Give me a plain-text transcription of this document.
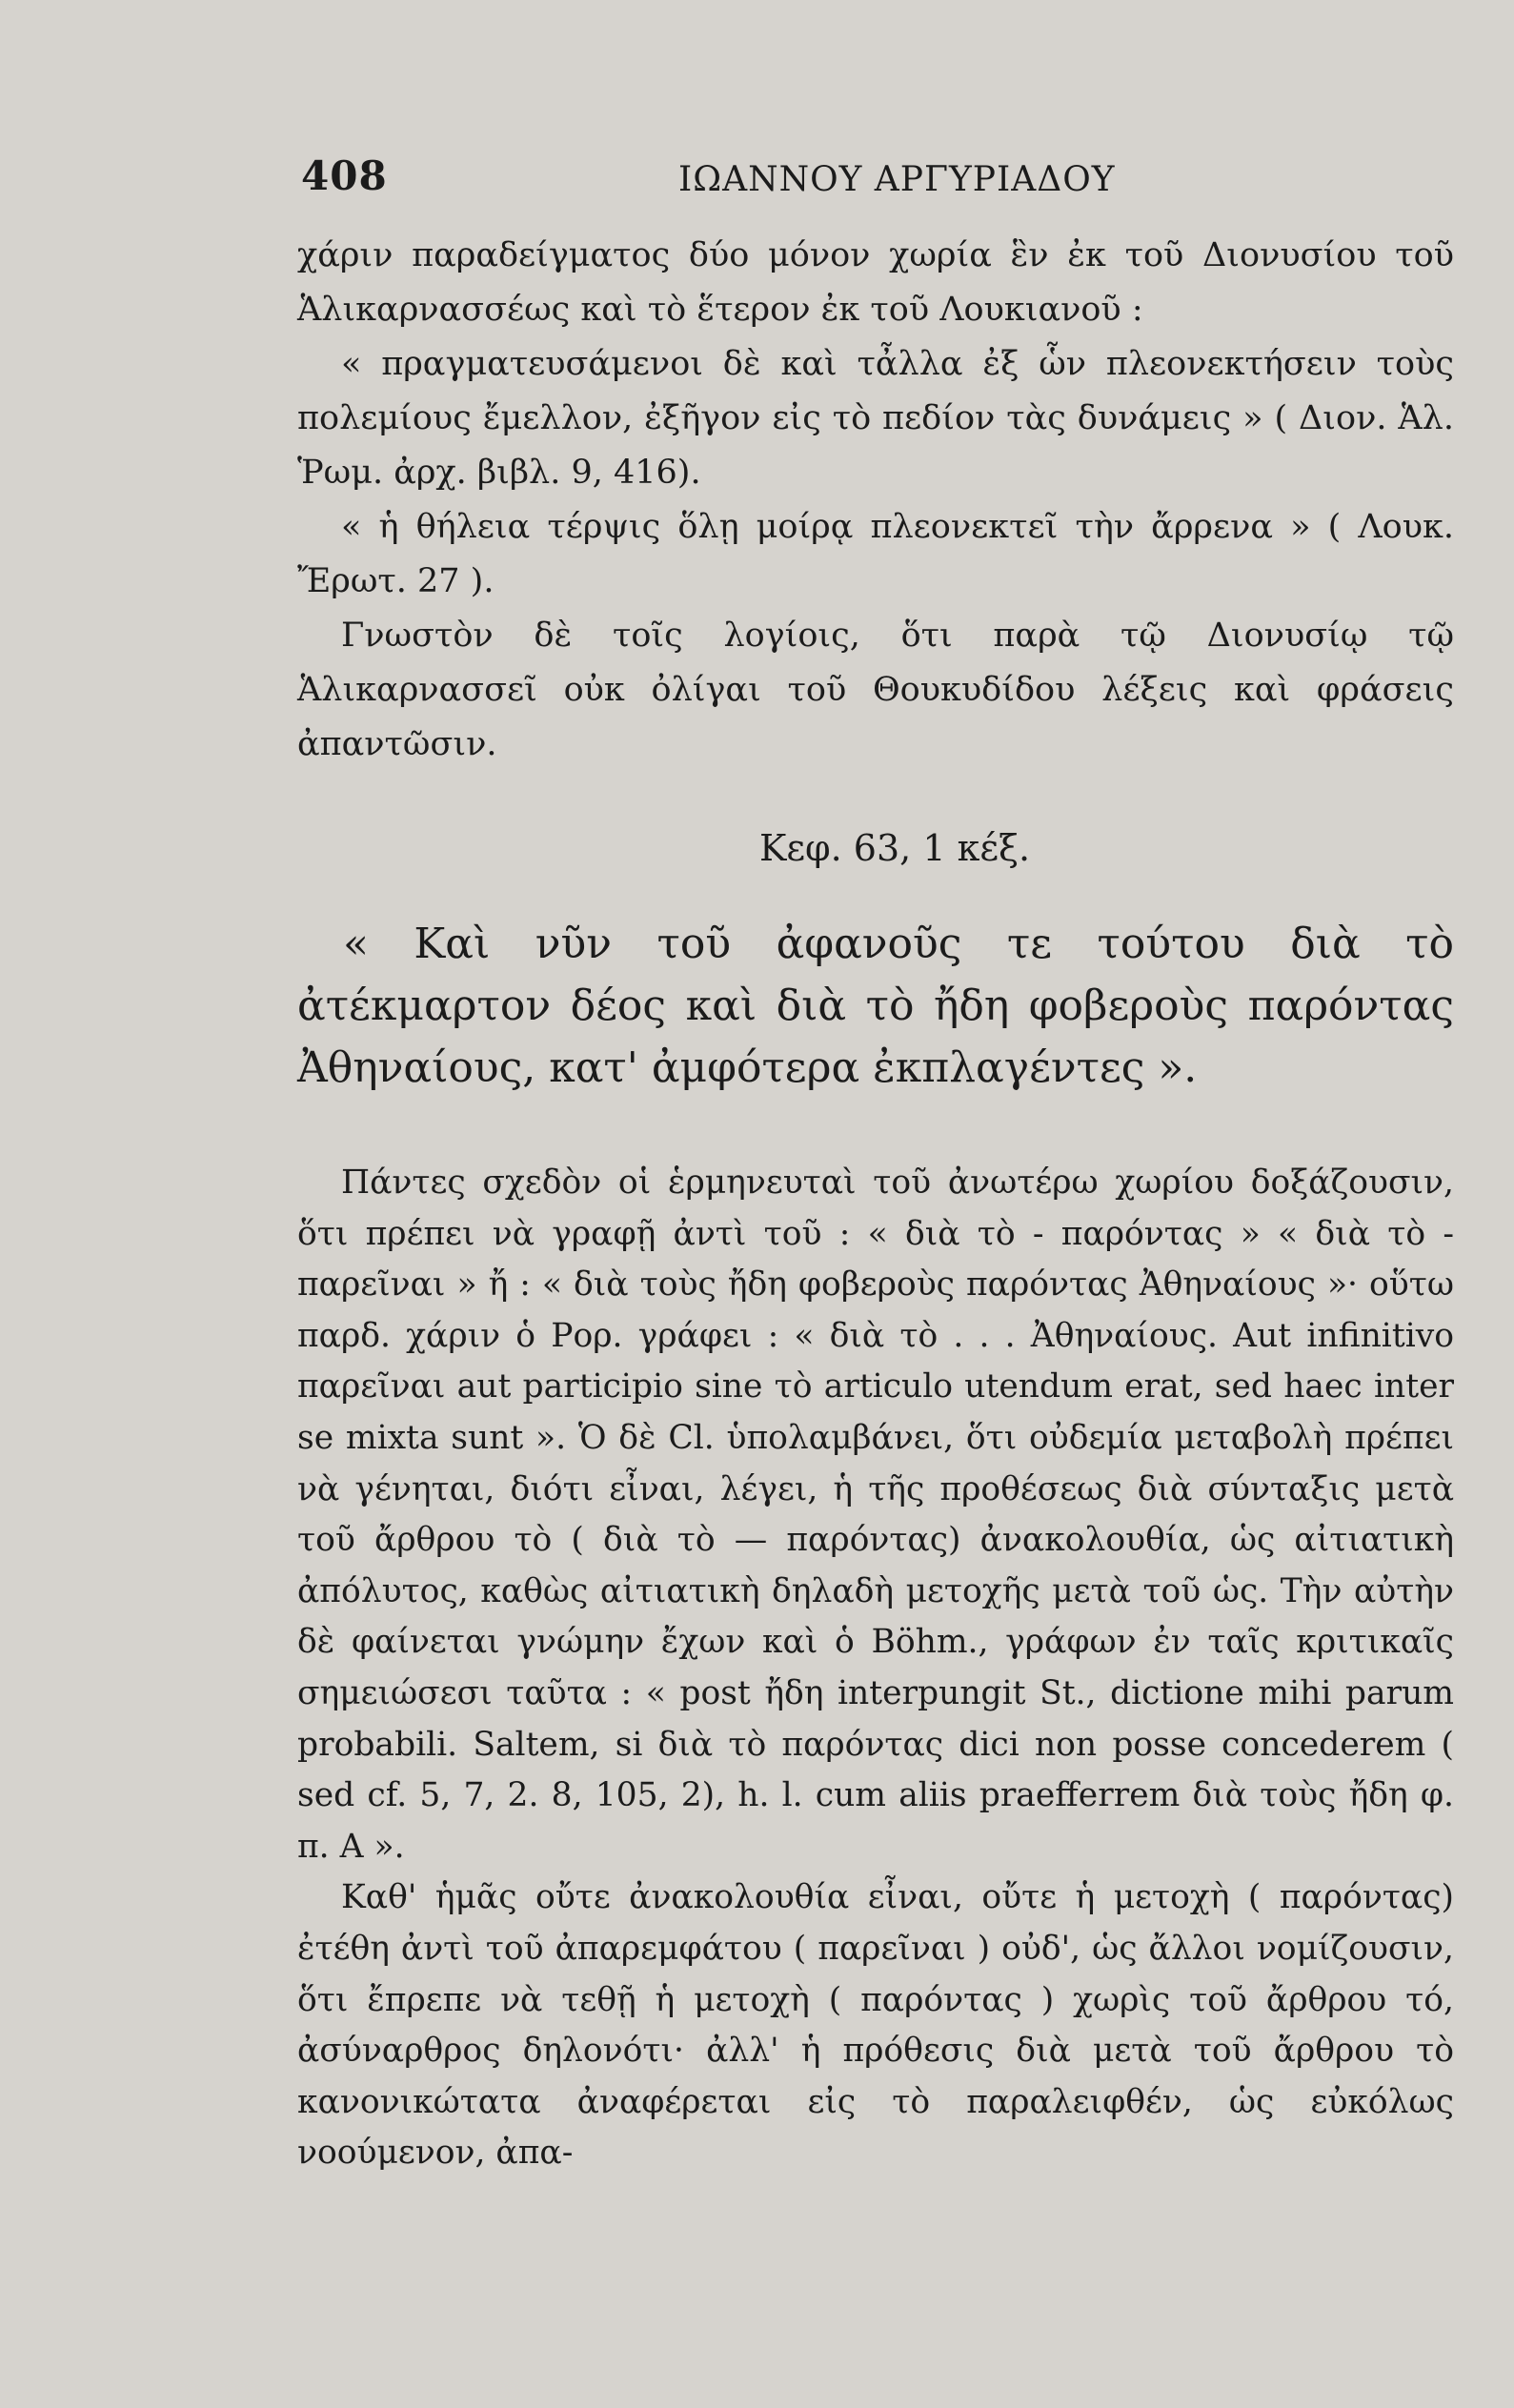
408	ΙΩΑΝΝΟΥ ΑΡΓΥΡΙΑΔΟΥ

χάριν παραδείγματος δύο μόνον χωρία ἓν ἐκ τοῦ Διονυσίου τοῦ Ἁλικαρνασσέως καὶ τὸ ἕτερον ἐκ τοῦ Λουκιανοῦ :

« πραγματευσάμενοι δὲ καὶ τἆλλα ἐξ ὧν πλεονεκτήσειν τοὺς πολεμίους ἔμελλον, ἐξῆγον εἰς τὸ πεδίον τὰς δυνάμεις » ( Διον. Ἁλ. Ῥωμ. ἀρχ. βιβλ. 9, 416).

« ἡ θήλεια τέρψις ὅλῃ μοίρᾳ πλεονεκτεῖ τὴν ἄρρενα » ( Λουκ. Ἔρωτ. 27 ).

Γνωστὸν δὲ τοῖς λογίοις, ὅτι παρὰ τῷ Διονυσίῳ τῷ Ἁλικαρνασσεῖ οὐκ ὀλίγαι τοῦ Θουκυδίδου λέξεις καὶ φράσεις ἀπαντῶσιν.

Κεφ. 63, 1 κέξ.

« Καὶ νῦν τοῦ ἀφανοῦς τε τούτου διὰ τὸ ἀτέκμαρτον δέος καὶ διὰ τὸ ἤδη φοβεροὺς παρόντας Ἀθηναίους, κατ' ἀμφότερα ἐκπλαγέντες ».

Πάντες σχεδὸν οἱ ἑρμηνευταὶ τοῦ ἀνωτέρω χωρίου δοξάζουσιν, ὅτι πρέπει νὰ γραφῇ ἀντὶ τοῦ : « διὰ τὸ - παρόντας » « διὰ τὸ - παρεῖναι » ἤ : « διὰ τοὺς ἤδη φοβεροὺς παρόντας Ἀθηναίους »· οὕτω παρδ. χάριν ὁ Ρορ. γράφει : « διὰ τὸ . . . Ἀθηναίους. Aut infinitivo παρεῖναι aut participio sine τὸ articulo utendum erat, sed haec inter se mixta sunt ». Ὁ δὲ Cl. ὑπολαμβάνει, ὅτι οὐδεμία μεταβολὴ πρέπει νὰ γένηται, διότι εἶναι, λέγει, ἡ τῆς προθέσεως διὰ σύνταξις μετὰ τοῦ ἄρθρου τὸ ( διὰ τὸ — παρόντας) ἀνακολουθία, ὡς αἰτιατικὴ ἀπόλυτος, καθὼς αἰτιατικὴ δηλαδὴ μετοχῆς μετὰ τοῦ ὡς. Τὴν αὐτὴν δὲ φαίνεται γνώμην ἔχων καὶ ὁ Böhm., γράφων ἐν ταῖς κριτικαῖς σημειώσεσι ταῦτα : « post ἤδη interpungit St., dictione mihi parum probabili. Saltem, si διὰ τὸ παρόντας dici non posse concederem ( sed cf. 5, 7, 2. 8, 105, 2), h. l. cum aliis praefferrem διὰ τοὺς ἤδη φ. π. Α ».

Καθ' ἡμᾶς οὔτε ἀνακολουθία εἶναι, οὔτε ἡ μετοχὴ ( παρόντας) ἐτέθη ἀντὶ τοῦ ἀπαρεμφάτου ( παρεῖναι ) οὐδ', ὡς ἄλλοι νομίζουσιν, ὅτι ἔπρεπε νὰ τεθῇ ἡ μετοχὴ ( παρόντας ) χωρὶς τοῦ ἄρθρου τό, ἀσύναρθρος δηλονότι· ἀλλ' ἡ πρόθεσις διὰ μετὰ τοῦ ἄρθρου τὸ κανονικώτατα ἀναφέρεται εἰς τὸ παραλειφθέν, ὡς εὐκόλως νοούμενον, ἀπα-
